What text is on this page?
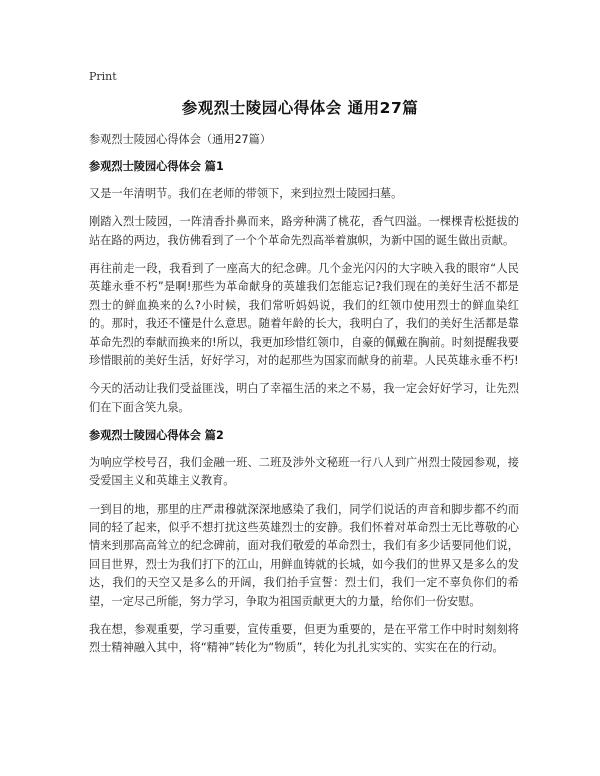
Print
参观烈士陵园心得体会 通用27篇

参观烈士陵园心得体会（通用27篇）

参观烈士陵园心得体会 篇1

又是一年清明节。我们在老师的带领下，来到拉烈士陵园扫墓。

刚踏入烈士陵园，一阵清香扑鼻而来，路旁种满了桃花，香气四溢。一棵棵青松挺拔的站在路的两边，我仿佛看到了一个个革命先烈高举着旗帜，为新中国的诞生做出贡献。

再往前走一段，我看到了一座高大的纪念碑。几个金光闪闪的大字映入我的眼帘“人民英雄永垂不朽”是啊!那些为革命献身的英雄我们怎能忘记?我们现在的美好生活不都是烈士的鲜血换来的么?小时候，我们常听妈妈说，我们的红领巾使用烈士的鲜血染红的。那时，我还不懂是什么意思。随着年龄的长大，我明白了，我们的美好生活都是靠革命先烈的奉献而换来的!所以，我更加珍惜红领巾，自豪的佩戴在胸前。时刻提醒我要珍惜眼前的美好生活，好好学习，对的起那些为国家而献身的前辈。人民英雄永垂不朽!

今天的活动让我们受益匪浅，明白了幸福生活的来之不易，我一定会好好学习，让先烈们在下面含笑九泉。

参观烈士陵园心得体会 篇2

为响应学校号召，我们金融一班、二班及涉外文秘班一行八人到广州烈士陵园参观，接受爱国主义和英雄主义教育。

一到目的地，那里的庄严肃穆就深深地感染了我们，同学们说话的声音和脚步都不约而同的轻了起来，似乎不想打扰这些英雄烈士的安静。我们怀着对革命烈士无比尊敬的心情来到那高高耸立的纪念碑前，面对我们敬爱的革命烈士，我们有多少话要同他们说，回目世界，烈士为我们打下的江山，用鲜血铸就的长城，如今我们的世界又是多么的发达，我们的天空又是多么的开阔，我们抬手宣誓：烈士们，我们一定不辜负你们的希望，一定尽己所能，努力学习，争取为祖国贡献更大的力量，给你们一份安慰。

我在想，参观重要，学习重要，宣传重要，但更为重要的，是在平常工作中时时刻刻将烈士精神融入其中，将“精神”转化为“物质”，转化为扎扎实实的、实实在在的行动。
